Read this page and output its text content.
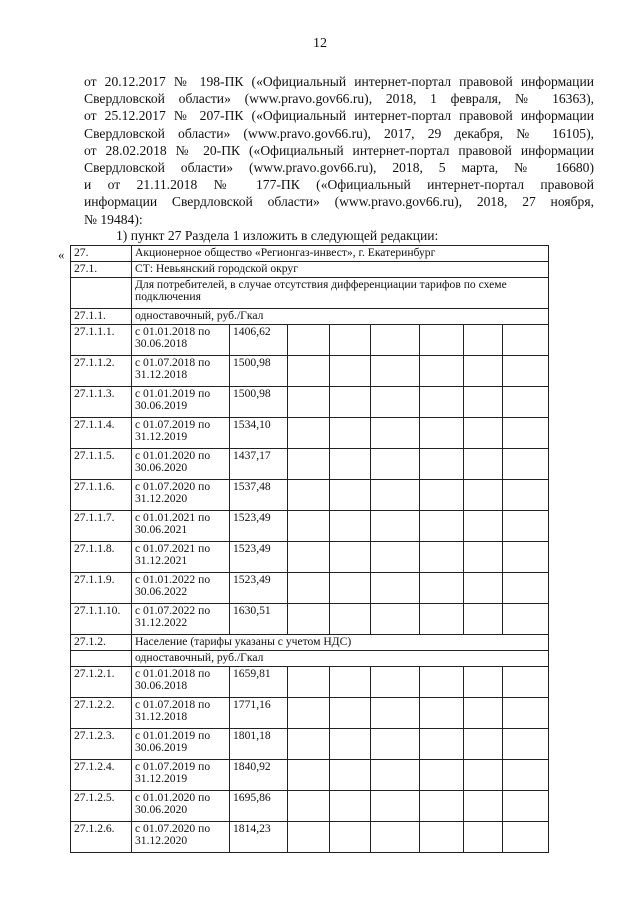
12
от 20.12.2017 № 198-ПК («Официальный интернет-портал правовой информации
Свердловской области» (www.pravo.gov66.ru), 2018, 1 февраля, № 16363),
от 25.12.2017 № 207-ПК («Официальный интернет-портал правовой информации
Свердловской области» (www.pravo.gov66.ru), 2017, 29 декабря, № 16105),
от 28.02.2018 № 20-ПК («Официальный интернет-портал правовой информации
Свердловской области» (www.pravo.gov66.ru), 2018, 5 марта, № 16680)
и от 21.11.2018 № 177-ПК («Официальный интернет-портал правовой
информации Свердловской области» (www.pravo.gov66.ru), 2018, 27 ноября,
№ 19484):
1) пункт 27 Раздела 1 изложить в следующей редакции:
« 27.	Акционерное общество «Регионгаз-инвест», г. Екатеринбург							
27.1.	СТ: Невьянский городской округ							
	Для потребителей, в случае отсутствия дифференциации тарифов по схеме подключения							
27.1.1.	одноставочный, руб./Гкал							
27.1.1.1.	с 01.01.2018 по 30.06.2018	1406,62						
27.1.1.2.	с 01.07.2018 по 31.12.2018	1500,98						
27.1.1.3.	с 01.01.2019 по 30.06.2019	1500,98						
27.1.1.4.	с 01.07.2019 по 31.12.2019	1534,10						
27.1.1.5.	с 01.01.2020 по 30.06.2020	1437,17						
27.1.1.6.	с 01.07.2020 по 31.12.2020	1537,48						
27.1.1.7.	с 01.01.2021 по 30.06.2021	1523,49						
27.1.1.8.	с 01.07.2021 по 31.12.2021	1523,49						
27.1.1.9.	с 01.01.2022 по 30.06.2022	1523,49						
27.1.1.10.	с 01.07.2022 по 31.12.2022	1630,51						
27.1.2.	Население (тарифы указаны с учетом НДС)							
	одноставочный, руб./Гкал							
27.1.2.1.	с 01.01.2018 по 30.06.2018	1659,81						
27.1.2.2.	с 01.07.2018 по 31.12.2018	1771,16						
27.1.2.3.	с 01.01.2019 по 30.06.2019	1801,18						
27.1.2.4.	с 01.07.2019 по 31.12.2019	1840,92						
27.1.2.5.	с 01.01.2020 по 30.06.2020	1695,86						
27.1.2.6.	с 01.07.2020 по 31.12.2020	1814,23						
